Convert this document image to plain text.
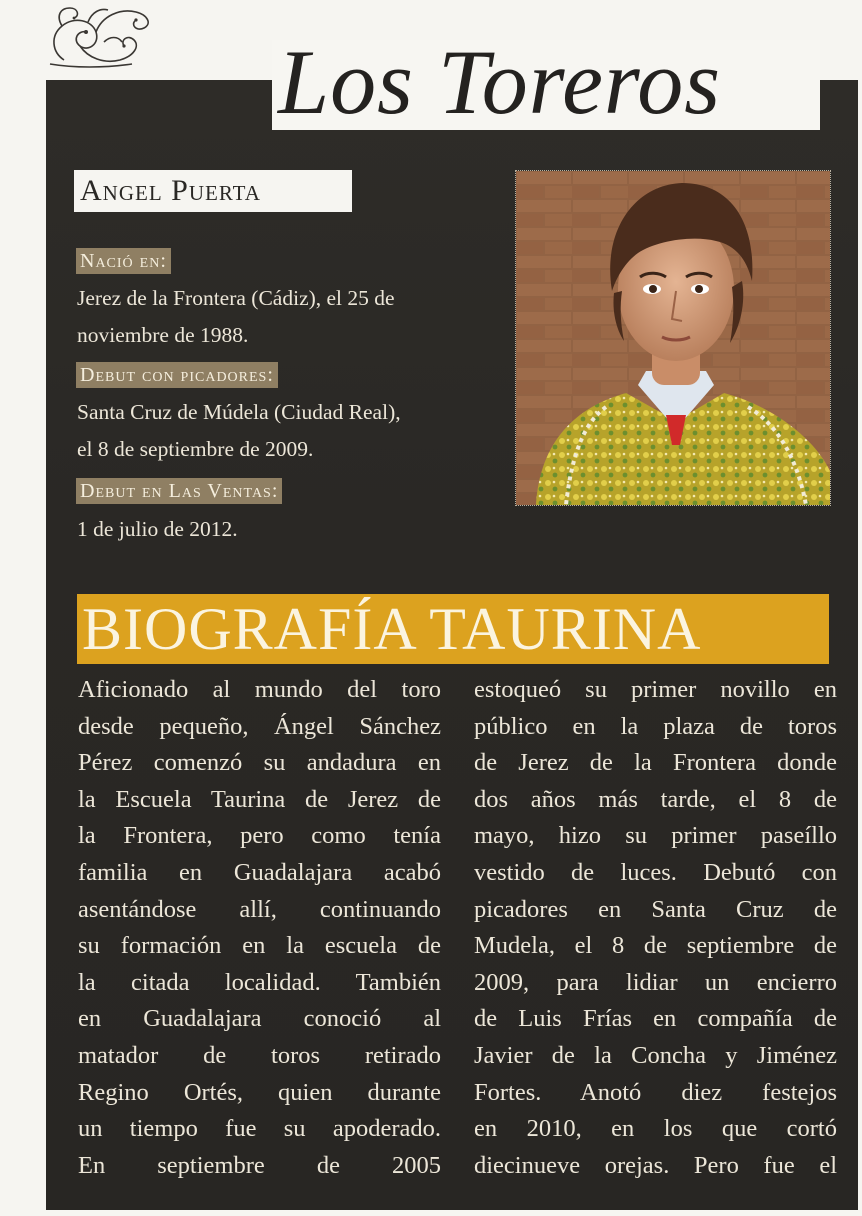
Los Toreros
Angel Puerta
Nació en:
Jerez de la Frontera (Cádiz), el 25 de
noviembre de 1988.
Debut con picadores:
Santa Cruz de Múdela (Ciudad Real),
el 8 de septiembre de 2009.
Debut en Las Ventas:
1 de julio de 2012.
BIOGRAFÍA TAURINA
Aficionado al mundo del toro
desde pequeño, Ángel Sánchez
Pérez comenzó su andadura en
la Escuela Taurina de Jerez de
la Frontera, pero como tenía
familia en Guadalajara acabó
asentándose allí, continuando
su formación en la escuela de
la citada localidad. También
en Guadalajara conoció al
matador de toros retirado
Regino Ortés, quien durante
un tiempo fue su apoderado.
En septiembre de 2005
estoqueó su primer novillo en
público en la plaza de toros
de Jerez de la Frontera donde
dos años más tarde, el 8 de
mayo, hizo su primer paseíllo
vestido de luces. Debutó con
picadores en Santa Cruz de
Mudela, el 8 de septiembre de
2009, para lidiar un encierro
de Luis Frías en compañía de
Javier de la Concha y Jiménez
Fortes. Anotó diez festejos
en 2010, en los que cortó
diecinueve orejas. Pero fue el
